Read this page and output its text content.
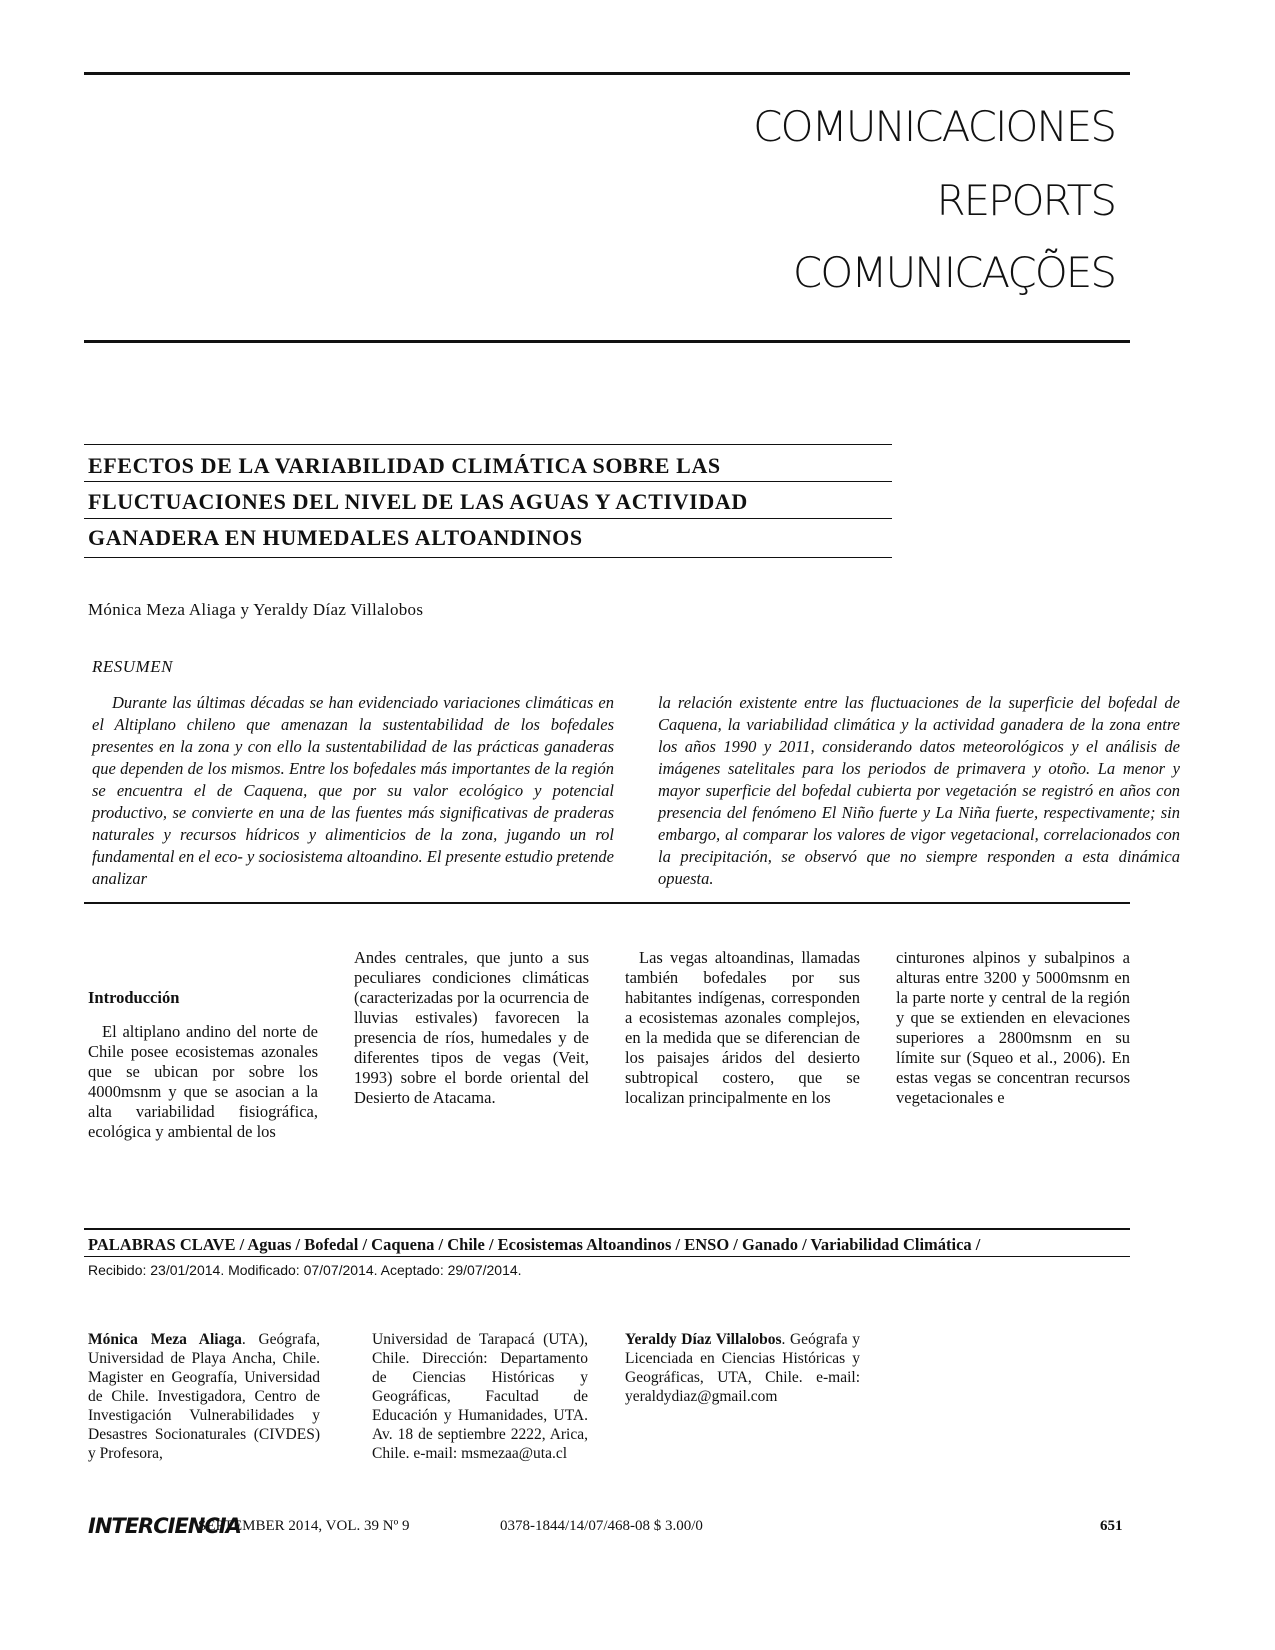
COMUNICACIONES
REPORTS
COMUNICAÇÕES
EFECTOS DE LA VARIABILIDAD CLIMÁTICA SOBRE LAS
FLUCTUACIONES DEL NIVEL DE LAS AGUAS Y ACTIVIDAD
GANADERA EN HUMEDALES ALTOANDINOS
Mónica Meza Aliaga y Yeraldy Díaz Villalobos
RESUMEN

Durante las últimas décadas se han evidenciado variaciones climáticas en el Altiplano chileno que amenazan la sustentabilidad de los bofedales presentes en la zona y con ello la sustentabilidad de las prácticas ganaderas que dependen de los mismos. Entre los bofedales más importantes de la región se encuentra el de Caquena, que por su valor ecológico y potencial productivo, se convierte en una de las fuentes más significativas de praderas naturales y recursos hídricos y alimenticios de la zona, jugando un rol fundamental en el eco- y sociosistema altoandino. El presente estudio pretende analizar

la relación existente entre las fluctuaciones de la superficie del bofedal de Caquena, la variabilidad climática y la actividad ganadera de la zona entre los años 1990 y 2011, considerando datos meteorológicos y el análisis de imágenes satelitales para los periodos de primavera y otoño. La menor y mayor superficie del bofedal cubierta por vegetación se registró en años con presencia del fenómeno El Niño fuerte y La Niña fuerte, respectivamente; sin embargo, al comparar los valores de vigor vegetacional, correlacionados con la precipitación, se observó que no siempre responden a esta dinámica opuesta.

Introducción

El altiplano andino del norte de Chile posee ecosistemas azonales que se ubican por sobre los 4000msnm y que se asocian a la alta variabilidad fisiográfica, ecológica y ambiental de los

Andes centrales, que junto a sus peculiares condiciones climáticas (caracterizadas por la ocurrencia de lluvias estivales) favorecen la presencia de ríos, humedales y de diferentes tipos de vegas (Veit, 1993) sobre el borde oriental del Desierto de Atacama.

Las vegas altoandinas, llamadas también bofedales por sus habitantes indígenas, corresponden a ecosistemas azonales complejos, en la medida que se diferencian de los paisajes áridos del desierto subtropical costero, que se localizan principalmente en los

cinturones alpinos y subalpinos a alturas entre 3200 y 5000msnm en la parte norte y central de la región y que se extienden en elevaciones superiores a 2800msnm en su límite sur (Squeo et al., 2006). En estas vegas se concentran recursos vegetacionales e

PALABRAS CLAVE / Aguas / Bofedal / Caquena / Chile / Ecosistemas Altoandinos / ENSO / Ganado / Variabilidad Climática /
Recibido: 23/01/2014. Modificado: 07/07/2014. Aceptado: 29/07/2014.

Mónica Meza Aliaga. Geógrafa, Universidad de Playa Ancha, Chile. Magister en Geografía, Universidad de Chile. Investigadora, Centro de Investigación Vulnerabilidades y Desastres Socionaturales (CIVDES) y Profesora,

Universidad de Tarapacá (UTA), Chile. Dirección: Departamento de Ciencias Históricas y Geográficas, Facultad de Educación y Humanidades, UTA. Av. 18 de septiembre 2222, Arica, Chile. e-mail: msmezaa@uta.cl

Yeraldy Díaz Villalobos. Geógrafa y Licenciada en Ciencias Históricas y Geográficas, UTA, Chile. e-mail: yeraldydiaz@gmail.com

INTERCIENCIA
SEPTEMBER 2014, VOL. 39 Nº 9	0378-1844/14/07/468-08 $ 3.00/0	651
